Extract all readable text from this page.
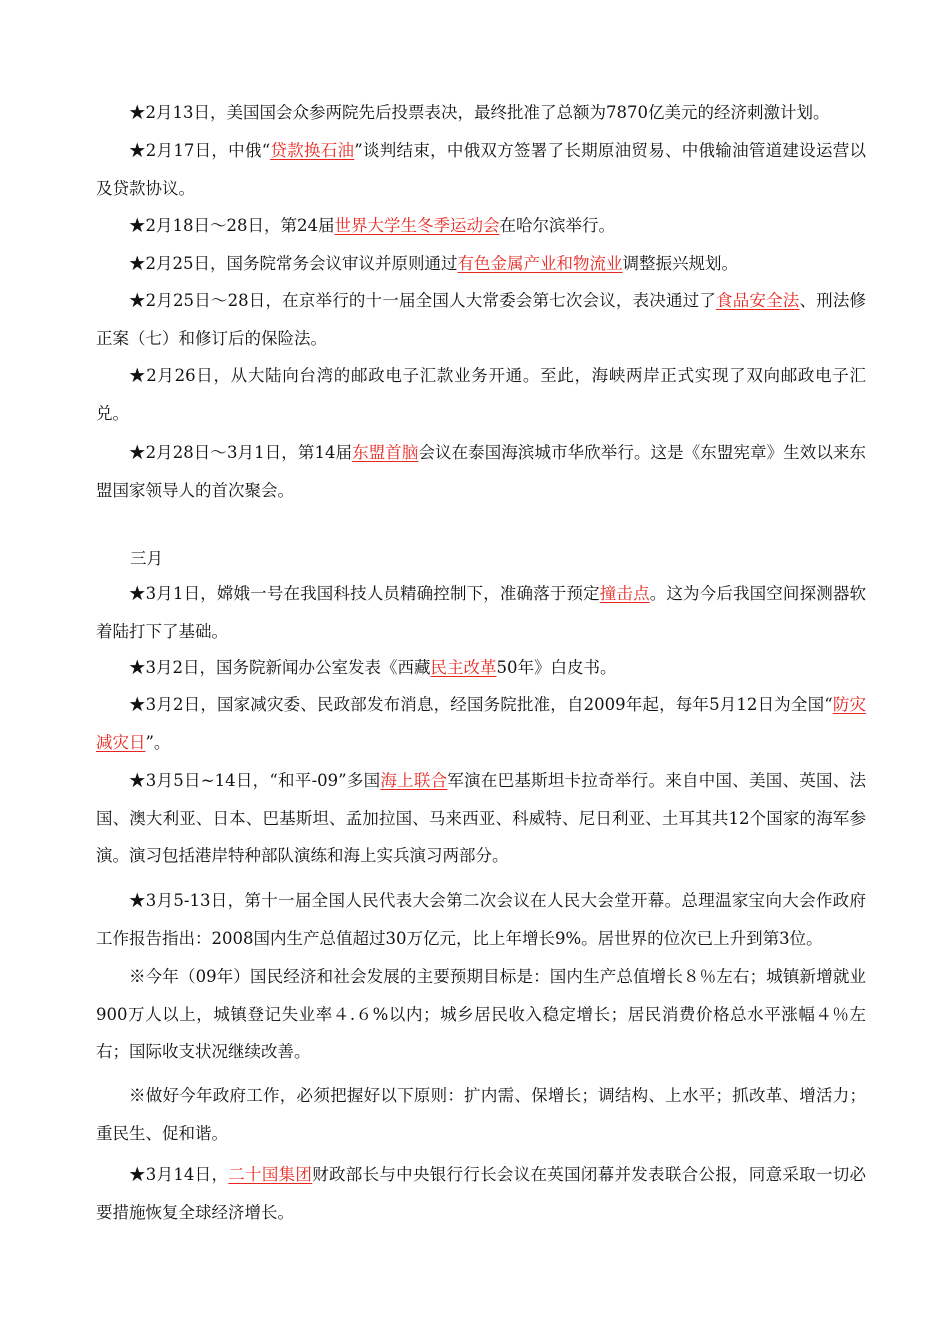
★2月13日，美国国会众参两院先后投票表决，最终批准了总额为7870亿美元的经济刺激计划。

★2月17日，中俄“贷款换石油”谈判结束，中俄双方签署了长期原油贸易、中俄输油管道建设运营以及贷款协议。

★2月18日～28日，第24届世界大学生冬季运动会在哈尔滨举行。

★2月25日，国务院常务会议审议并原则通过有色金属产业和物流业调整振兴规划。

★2月25日～28日，在京举行的十一届全国人大常委会第七次会议，表决通过了食品安全法、刑法修正案（七）和修订后的保险法。

★2月26日，从大陆向台湾的邮政电子汇款业务开通。至此，海峡两岸正式实现了双向邮政电子汇兑。

★2月28日～3月1日，第14届东盟首脑会议在泰国海滨城市华欣举行。这是《东盟宪章》生效以来东盟国家领导人的首次聚会。

三月

★3月1日，嫦娥一号在我国科技人员精确控制下，准确落于预定撞击点。这为今后我国空间探测器软着陆打下了基础。

★3月2日，国务院新闻办公室发表《西藏民主改革50年》白皮书。

★3月2日，国家减灾委、民政部发布消息，经国务院批准，自2009年起，每年5月12日为全国“防灾减灾日”。

★3月5日~14日，“和平-09”多国海上联合军演在巴基斯坦卡拉奇举行。来自中国、美国、英国、法国、澳大利亚、日本、巴基斯坦、孟加拉国、马来西亚、科威特、尼日利亚、土耳其共12个国家的海军参演。演习包括港岸特种部队演练和海上实兵演习两部分。

★3月5-13日，第十一届全国人民代表大会第二次会议在人民大会堂开幕。总理温家宝向大会作政府工作报告指出：2008国内生产总值超过30万亿元，比上年增长9%。居世界的位次已上升到第3位。

※今年（09年）国民经济和社会发展的主要预期目标是：国内生产总值增长８％左右；城镇新增就业900万人以上，城镇登记失业率４.６%以内；城乡居民收入稳定增长；居民消费价格总水平涨幅４％左右；国际收支状况继续改善。

※做好今年政府工作，必须把握好以下原则：扩内需、保增长；调结构、上水平；抓改革、增活力；重民生、促和谐。

★3月14日，二十国集团财政部长与中央银行行长会议在英国闭幕并发表联合公报，同意采取一切必要措施恢复全球经济增长。
